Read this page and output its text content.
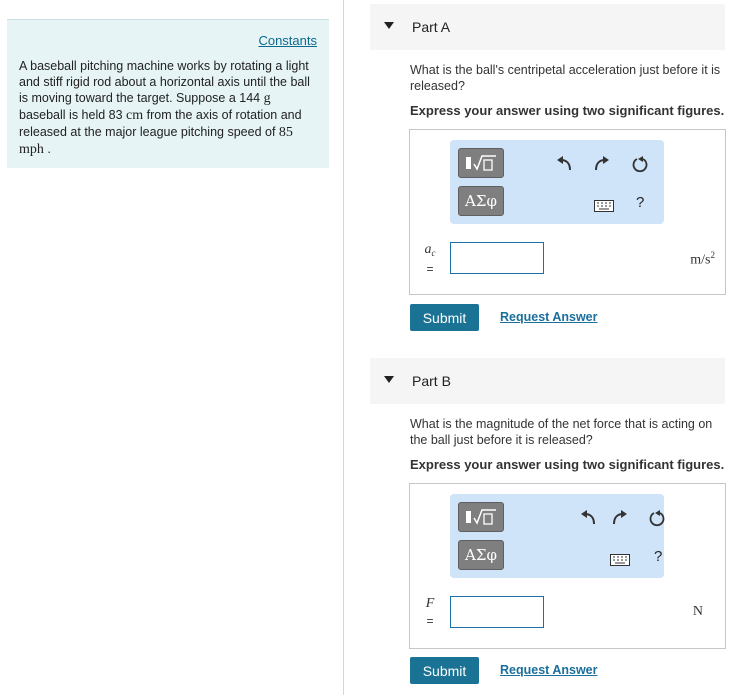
Constants
A baseball pitching machine works by rotating a light and stiff rigid rod about a horizontal axis until the ball is moving toward the target. Suppose a 144 g baseball is held 83 cm from the axis of rotation and released at the major league pitching speed of 85 mph .
Part A
What is the ball's centripetal acceleration just before it is released?
Express your answer using two significant figures.
ΑΣφ	?
$a_c$
=
$m/s^2$
Submit	Request Answer
Part B
What is the magnitude of the net force that is acting on the ball just before it is released?
Express your answer using two significant figures.
ΑΣφ	?
F
=
N
Submit	Request Answer
